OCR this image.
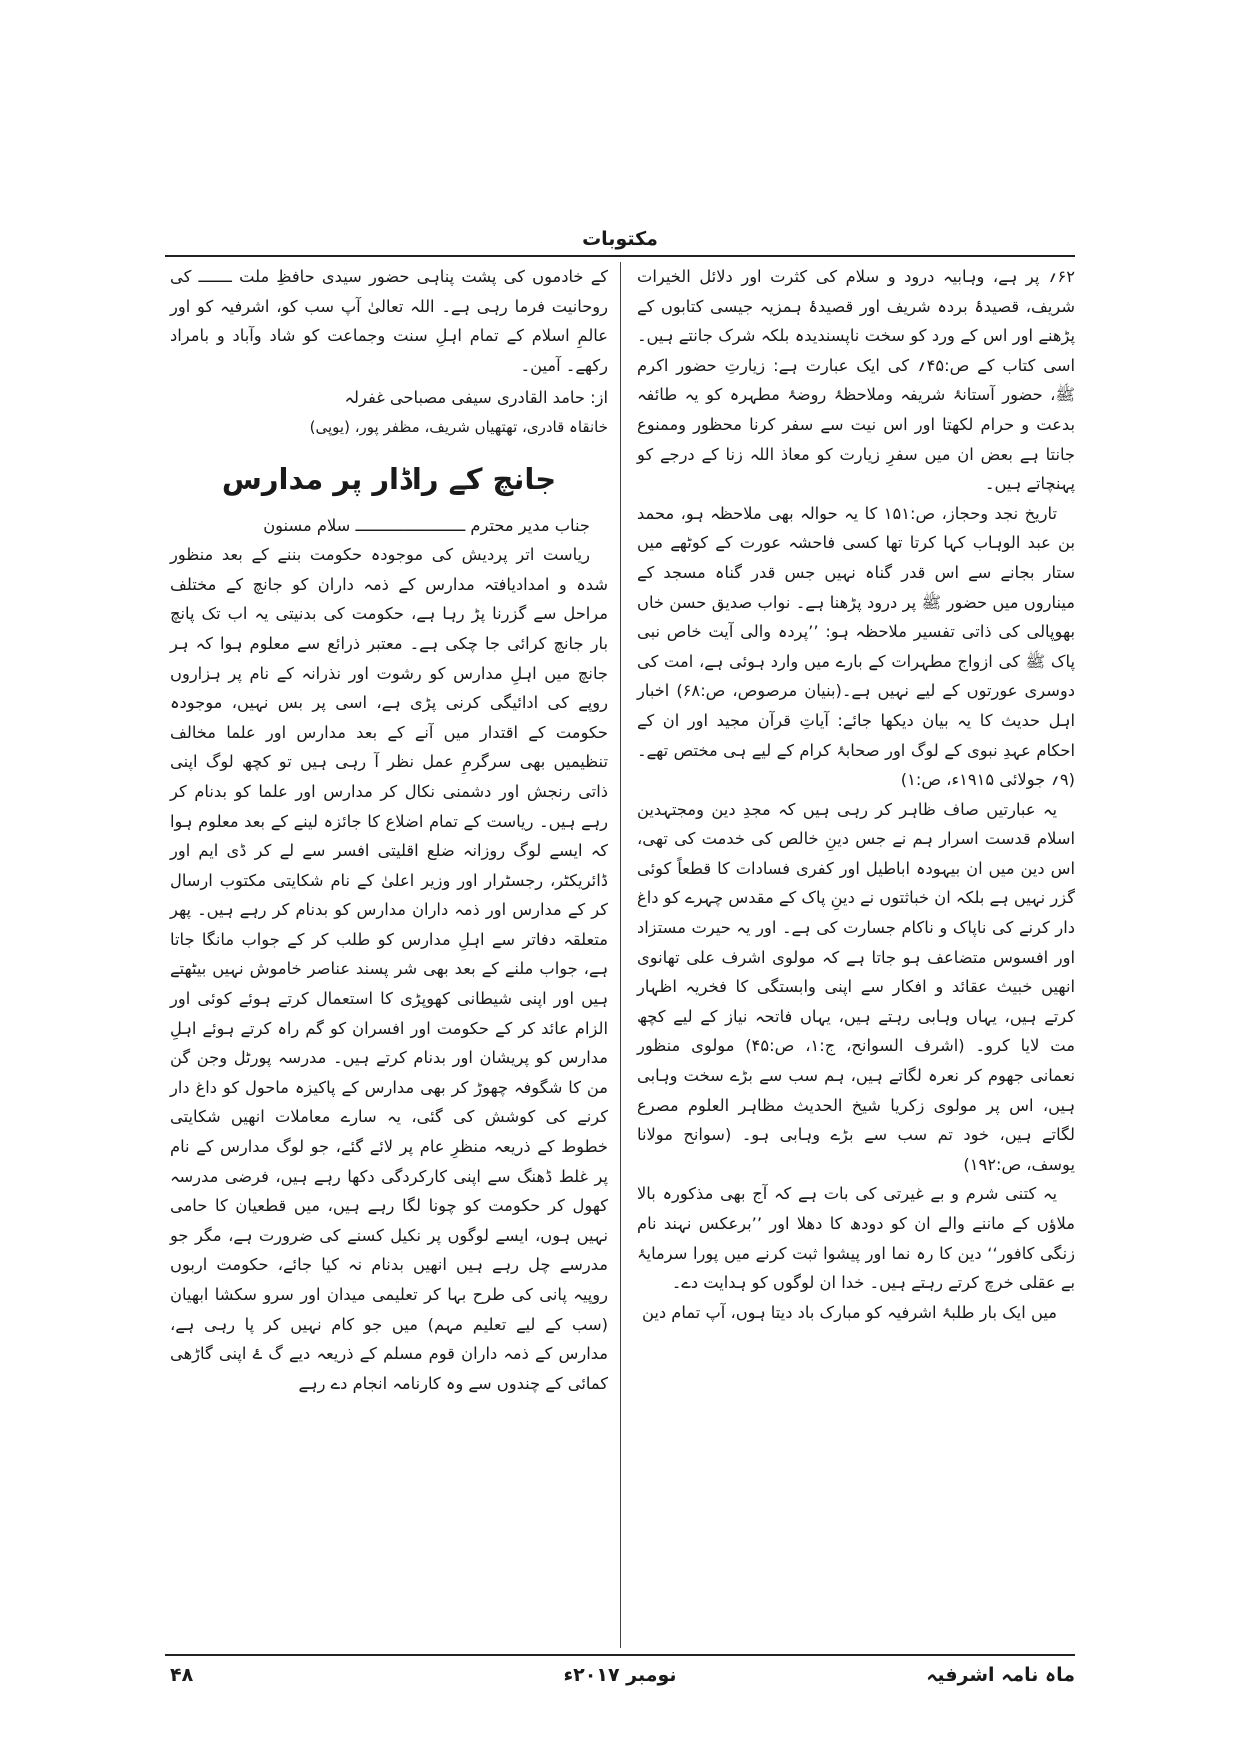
مکتوبات

۶۲؍ پر ہے، وہابیہ درود و سلام کی کثرت اور دلائل الخیرات شریف، قصیدۂ بردہ شریف اور قصیدۂ ہمزیہ جیسی کتابوں کے پڑھنے اور اس کے ورد کو سخت ناپسندیدہ بلکہ شرک جانتے ہیں۔ اسی کتاب کے ص:۴۵؍ کی ایک عبارت ہے: زیارتِ حضور اکرم ﷺ، حضور آستانۂ شریفہ وملاحظۂ روضۂ مطہرہ کو یہ طائفہ بدعت و حرام لکھتا اور اس نیت سے سفر کرنا محظور وممنوع جانتا ہے بعض ان میں سفرِ زیارت کو معاذ اللہ زنا کے درجے کو پہنچاتے ہیں۔

تاریخ نجد وحجاز، ص:۱۵۱ کا یہ حوالہ بھی ملاحظہ ہو، محمد بن عبد الوہاب کہا کرتا تھا کسی فاحشہ عورت کے کوٹھے میں ستار بجانے سے اس قدر گناہ نہیں جس قدر گناہ مسجد کے میناروں میں حضور ﷺ پر درود پڑھنا ہے۔ نواب صدیق حسن خاں بھوپالی کی ذاتی تفسیر ملاحظہ ہو: ’’پردہ والی آیت خاص نبی پاک ﷺ کی ازواج مطہرات کے بارے میں وارد ہوئی ہے، امت کی دوسری عورتوں کے لیے نہیں ہے۔(بنیان مرصوص، ص:۶۸) اخبار اہل حدیث کا یہ بیان دیکھا جائے: آیاتِ قرآن مجید اور ان کے احکام عہدِ نبوی کے لوگ اور صحابۂ کرام کے لیے ہی مختص تھے۔(۹؍ جولائی ۱۹۱۵ء، ص:۱)

یہ عبارتیں صاف ظاہر کر رہی ہیں کہ مجدِ دین ومجتہدین اسلام قدست اسرار ہم نے جس دینِ خالص کی خدمت کی تھی، اس دین میں ان بیہودہ اباطیل اور کفری فسادات کا قطعاً کوئی گزر نہیں ہے بلکہ ان خباثتوں نے دینِ پاک کے مقدس چہرے کو داغ دار کرنے کی ناپاک و ناکام جسارت کی ہے۔ اور یہ حیرت مستزاد اور افسوس متضاعف ہو جاتا ہے کہ مولوی اشرف علی تھانوی انھیں خبیث عقائد و افکار سے اپنی وابستگی کا فخریہ اظہار کرتے ہیں، یہاں وہابی رہتے ہیں، یہاں فاتحہ نیاز کے لیے کچھ مت لایا کرو۔ (اشرف السوانح، ج:۱، ص:۴۵) مولوی منظور نعمانی جھوم کر نعرہ لگاتے ہیں، ہم سب سے بڑے سخت وہابی ہیں، اس پر مولوی زکریا شیخ الحدیث مظاہر العلوم مصرع لگاتے ہیں، خود تم سب سے بڑے وہابی ہو۔ (سوانح مولانا یوسف، ص:۱۹۲)

یہ کتنی شرم و بے غیرتی کی بات ہے کہ آج بھی مذکورہ بالا ملاؤں کے ماننے والے ان کو دودھ کا دھلا اور ’’برعکس نہند نام زنگی کافور‘‘ دین کا رہ نما اور پیشوا ثبت کرنے میں پورا سرمایۂ بے عقلی خرچ کرتے رہتے ہیں۔ خدا ان لوگوں کو ہدایت دے۔

میں ایک بار طلبۂ اشرفیہ کو مبارک باد دیتا ہوں، آپ تمام دین

کے خادموں کی پشت پناہی حضور سیدی حافظِ ملت ـــــــ کی روحانیت فرما رہی ہے۔ اللہ تعالیٰ آپ سب کو، اشرفیہ کو اور عالمِ اسلام کے تمام اہلِ سنت وجماعت کو شاد وآباد و بامراد رکھے۔ آمین۔

از: حامد القادری سیفی مصباحی غفرلہ

خانقاہ قادری، تھتھیاں شریف، مظفر پور، (یوپی)

جانچ کے راڈار پر مدارس

جناب مدیر محترم ـــــــــــــــــــــــ سلام مسنون

ریاست اتر پردیش کی موجودہ حکومت بننے کے بعد منظور شدہ و امدادیافتہ مدارس کے ذمہ داران کو جانچ کے مختلف مراحل سے گزرنا پڑ رہا ہے، حکومت کی بدنیتی یہ اب تک پانچ بار جانچ کرائی جا چکی ہے۔ معتبر ذرائع سے معلوم ہوا کہ ہر جانچ میں اہلِ مدارس کو رشوت اور نذرانہ کے نام پر ہزاروں روپے کی ادائیگی کرنی پڑی ہے، اسی پر بس نہیں، موجودہ حکومت کے اقتدار میں آنے کے بعد مدارس اور علما مخالف تنظیمیں بھی سرگرمِ عمل نظر آ رہی ہیں تو کچھ لوگ اپنی ذاتی رنجش اور دشمنی نکال کر مدارس اور علما کو بدنام کر رہے ہیں۔ ریاست کے تمام اضلاع کا جائزہ لینے کے بعد معلوم ہوا کہ ایسے لوگ روزانہ ضلع اقلیتی افسر سے لے کر ڈی ایم اور ڈائریکٹر، رجسٹرار اور وزیر اعلیٰ کے نام شکایتی مکتوب ارسال کر کے مدارس اور ذمہ داران مدارس کو بدنام کر رہے ہیں۔ پھر متعلقہ دفاتر سے اہلِ مدارس کو طلب کر کے جواب مانگا جاتا ہے، جواب ملنے کے بعد بھی شر پسند عناصر خاموش نہیں بیٹھتے ہیں اور اپنی شیطانی کھوپڑی کا استعمال کرتے ہوئے کوئی اور الزام عائد کر کے حکومت اور افسران کو گم راہ کرتے ہوئے اہلِ مدارس کو پریشان اور بدنام کرتے ہیں۔ مدرسہ پورٹل وجن گن من کا شگوفہ چھوڑ کر بھی مدارس کے پاکیزہ ماحول کو داغ دار کرنے کی کوشش کی گئی، یہ سارے معاملات انھیں شکایتی خطوط کے ذریعہ منظرِ عام پر لائے گئے، جو لوگ مدارس کے نام پر غلط ڈھنگ سے اپنی کارکردگی دکھا رہے ہیں، فرضی مدرسہ کھول کر حکومت کو چونا لگا رہے ہیں، میں قطعیان کا حامی نہیں ہوں، ایسے لوگوں پر نکیل کسنے کی ضرورت ہے، مگر جو مدرسے چل رہے ہیں انھیں بدنام نہ کیا جائے، حکومت اربوں روپیہ پانی کی طرح بہا کر تعلیمی میدان اور سرو سکشا ابھیان (سب کے لیے تعلیم مہم) میں جو کام نہیں کر پا رہی ہے، مدارس کے ذمہ داران قوم مسلم کے ذریعہ دیے گ ۓ اپنی گاڑھی کمائی کے چندوں سے وہ کارنامہ انجام دے رہے

ماہ نامہ اشرفیہ
نومبر ۲۰۱۷ء
۴۸
